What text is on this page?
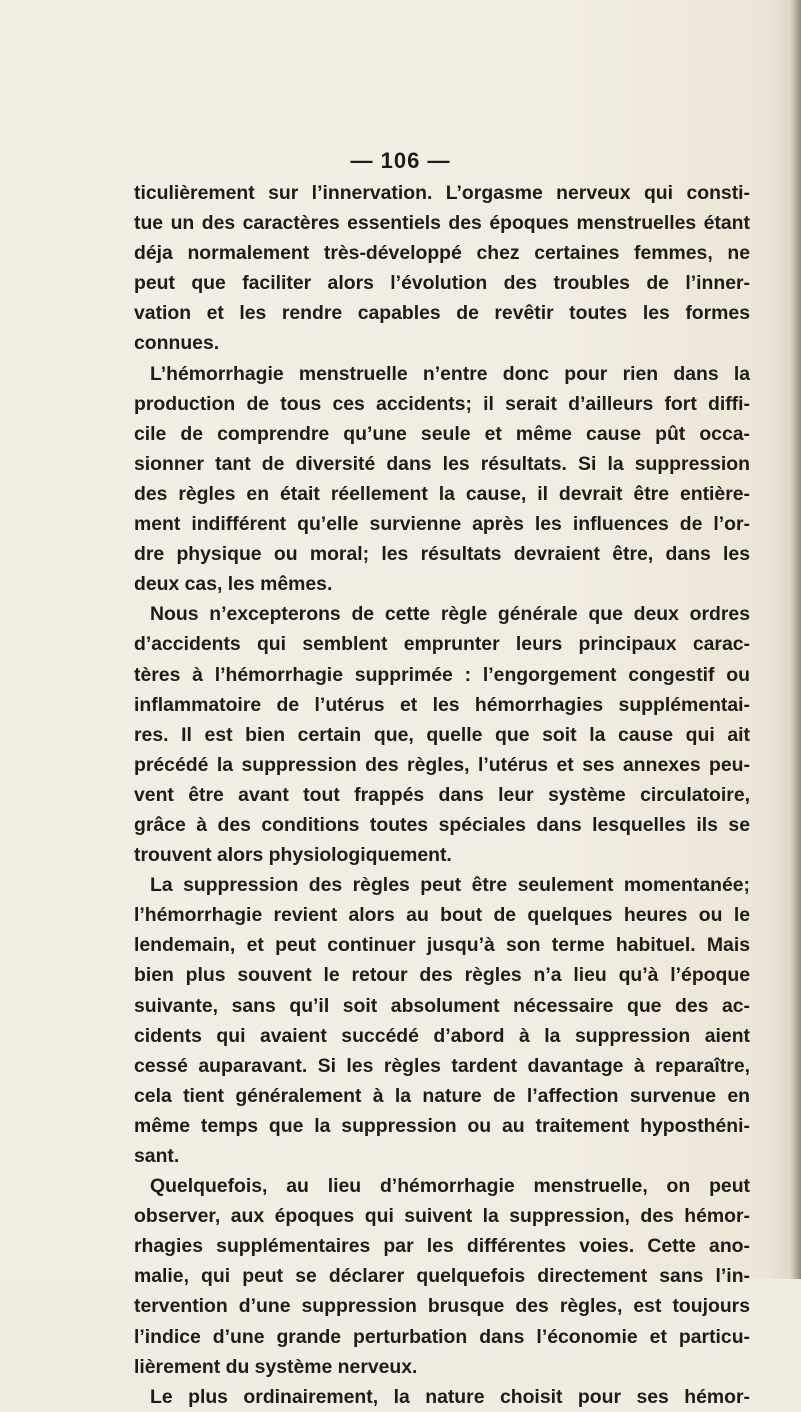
— 106 —
ticulièrement sur l’innervation. L’orgasme nerveux qui consti-
tue un des caractères essentiels des époques menstruelles étant
déja normalement très-développé chez certaines femmes, ne
peut que faciliter alors l’évolution des troubles de l’inner-
vation et les rendre capables de revêtir toutes les formes
connues.
L’hémorrhagie menstruelle n’entre donc pour rien dans la
production de tous ces accidents; il serait d’ailleurs fort diffi-
cile de comprendre qu’une seule et même cause pût occa-
sionner tant de diversité dans les résultats. Si la suppression
des règles en était réellement la cause, il devrait être entière-
ment indifférent qu’elle survienne après les influences de l’or-
dre physique ou moral; les résultats devraient être, dans les
deux cas, les mêmes.
Nous n’excepterons de cette règle générale que deux ordres
d’accidents qui semblent emprunter leurs principaux carac-
tères à l’hémorrhagie supprimée : l’engorgement congestif ou
inflammatoire de l’utérus et les hémorrhagies supplémentai-
res. Il est bien certain que, quelle que soit la cause qui ait
précédé la suppression des règles, l’utérus et ses annexes peu-
vent être avant tout frappés dans leur système circulatoire,
grâce à des conditions toutes spéciales dans lesquelles ils se
trouvent alors physiologiquement.
La suppression des règles peut être seulement momentanée;
l’hémorrhagie revient alors au bout de quelques heures ou le
lendemain, et peut continuer jusqu’à son terme habituel. Mais
bien plus souvent le retour des règles n’a lieu qu’à l’époque
suivante, sans qu’il soit absolument nécessaire que des ac-
cidents qui avaient succédé d’abord à la suppression aient
cessé auparavant. Si les règles tardent davantage à reparaître,
cela tient généralement à la nature de l’affection survenue en
même temps que la suppression ou au traitement hyposthéni-
sant.
Quelquefois, au lieu d’hémorrhagie menstruelle, on peut
observer, aux époques qui suivent la suppression, des hémor-
rhagies supplémentaires par les différentes voies. Cette ano-
malie, qui peut se déclarer quelquefois directement sans l’in-
tervention d’une suppression brusque des règles, est toujours
l’indice d’une grande perturbation dans l’économie et particu-
lièrement du système nerveux.
Le plus ordinairement, la nature choisit pour ses hémor-
